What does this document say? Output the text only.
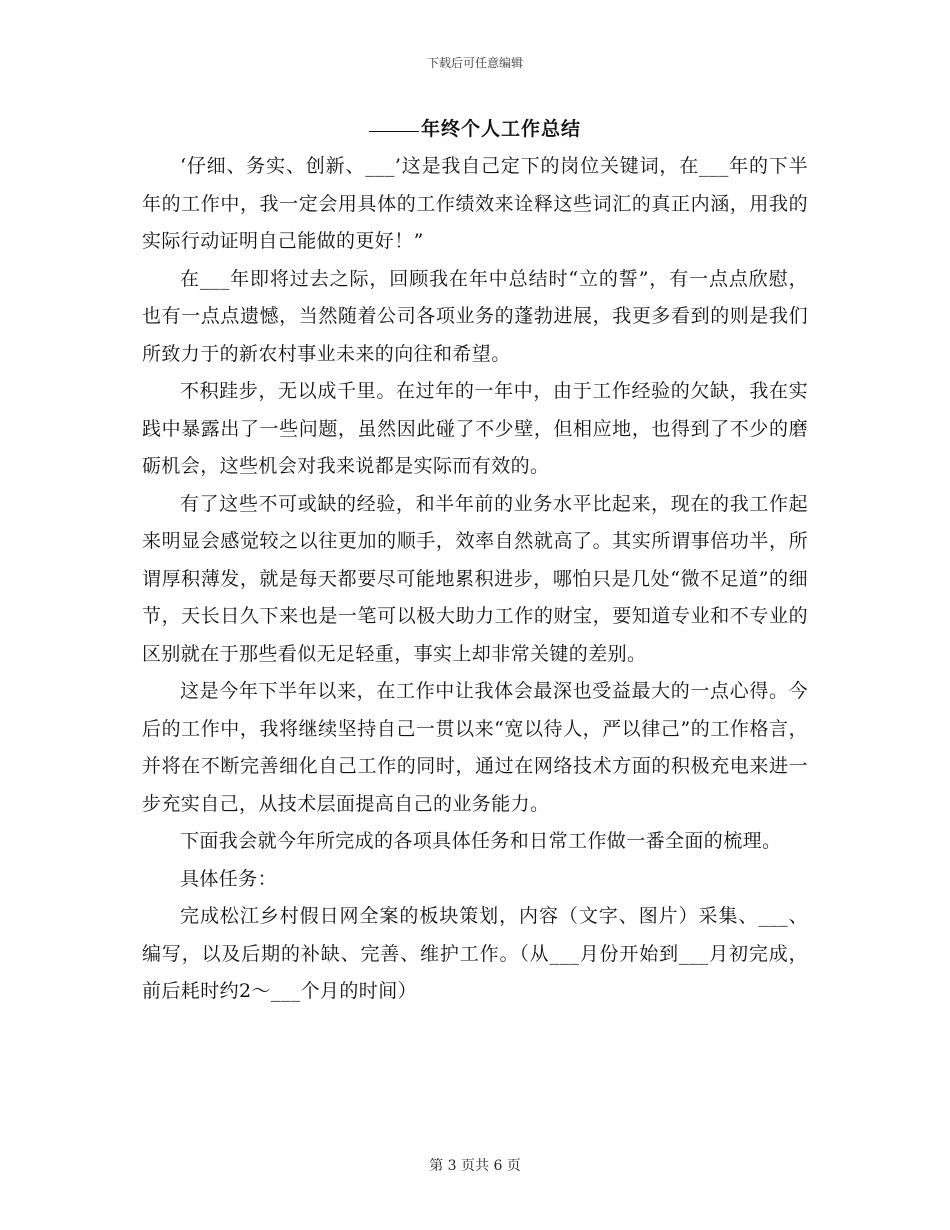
下载后可任意编辑
年终个人工作总结

‘仔细、务实、创新、___’这是我自己定下的岗位关键词，在___年的下半年的工作中，我一定会用具体的工作绩效来诠释这些词汇的真正内涵，用我的实际行动证明自己能做的更好！”

在___年即将过去之际，回顾我在年中总结时“立的誓”，有一点点欣慰，也有一点点遗憾，当然随着公司各项业务的蓬勃进展，我更多看到的则是我们所致力于的新农村事业未来的向往和希望。

不积跬步，无以成千里。在过年的一年中，由于工作经验的欠缺，我在实践中暴露出了一些问题，虽然因此碰了不少壁，但相应地，也得到了不少的磨砺机会，这些机会对我来说都是实际而有效的。

有了这些不可或缺的经验，和半年前的业务水平比起来，现在的我工作起来明显会感觉较之以往更加的顺手，效率自然就高了。其实所谓事倍功半，所谓厚积薄发，就是每天都要尽可能地累积进步，哪怕只是几处“微不足道”的细节，天长日久下来也是一笔可以极大助力工作的财宝，要知道专业和不专业的区别就在于那些看似无足轻重，事实上却非常关键的差别。

这是今年下半年以来，在工作中让我体会最深也受益最大的一点心得。今后的工作中，我将继续坚持自己一贯以来“宽以待人，严以律己”的工作格言，并将在不断完善细化自己工作的同时，通过在网络技术方面的积极充电来进一步充实自己，从技术层面提高自己的业务能力。

下面我会就今年所完成的各项具体任务和日常工作做一番全面的梳理。

具体任务：

完成松江乡村假日网全案的板块策划，内容（文字、图片）采集、___、编写，以及后期的补缺、完善、维护工作。（从___月份开始到___月初完成，前后耗时约2～___个月的时间）

第 3 页共 6 页
